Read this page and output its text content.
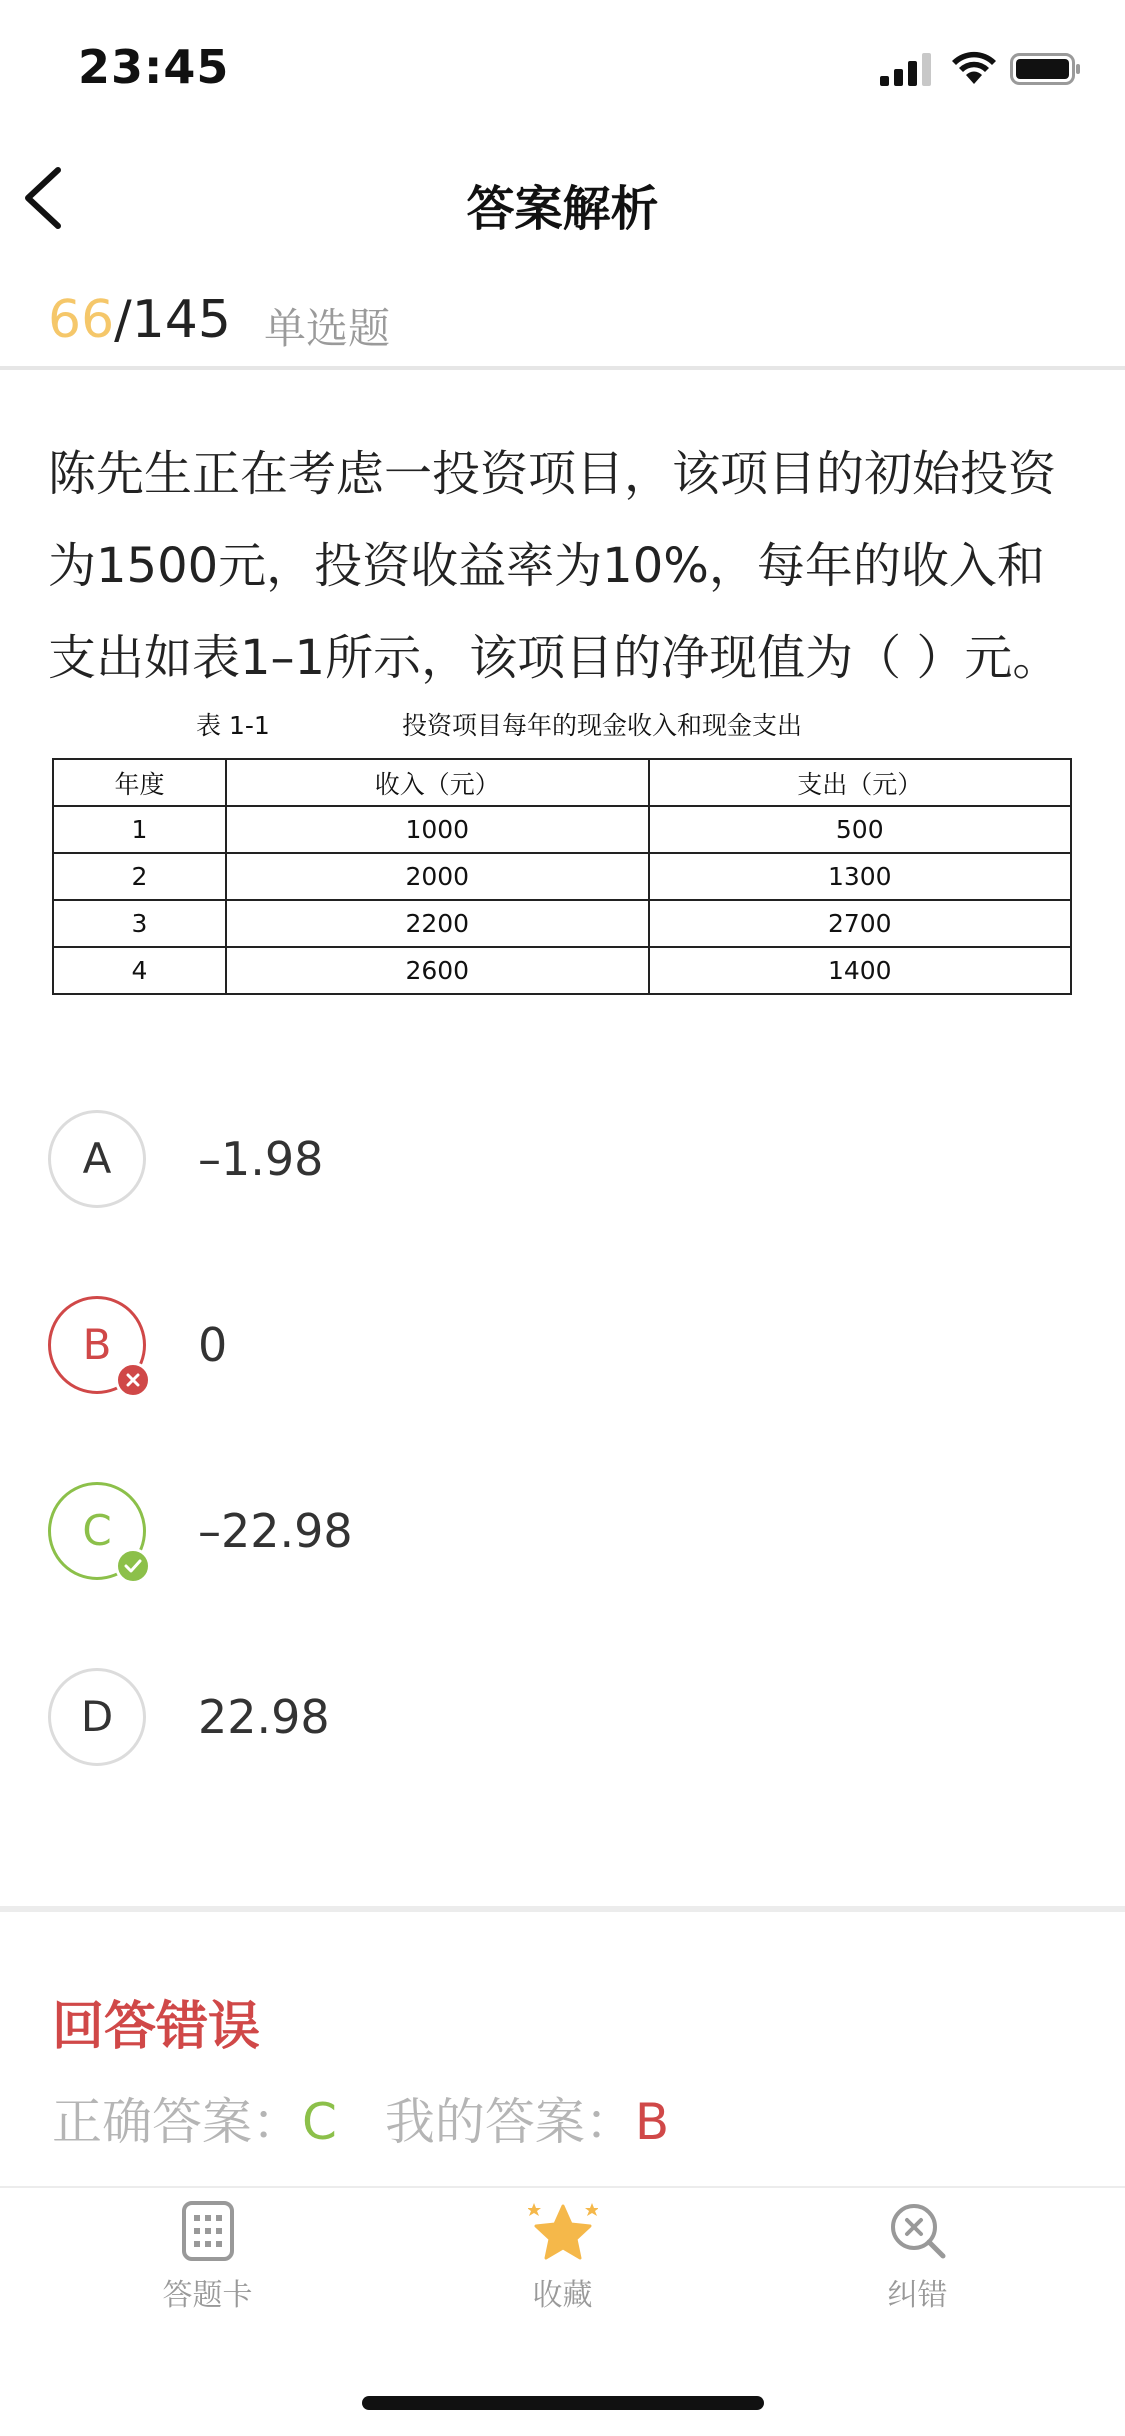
23:45
答案解析
66/145 单选题
陈先生正在考虑一投资项目，该项目的初始投资为1500元，投资收益率为10%，每年的收入和支出如表1–1所示，该项目的净现值为（ ）元。
表 1-1	投资项目每年的现金收入和现金支出
年度	收入（元）	支出（元）
1	1000	500
2	2000	1300
3	2200	2700
4	2600	1400
A	–1.98
B	0
C	–22.98
D	22.98
回答错误
正确答案：C 我的答案：B
答题卡	收藏	纠错
